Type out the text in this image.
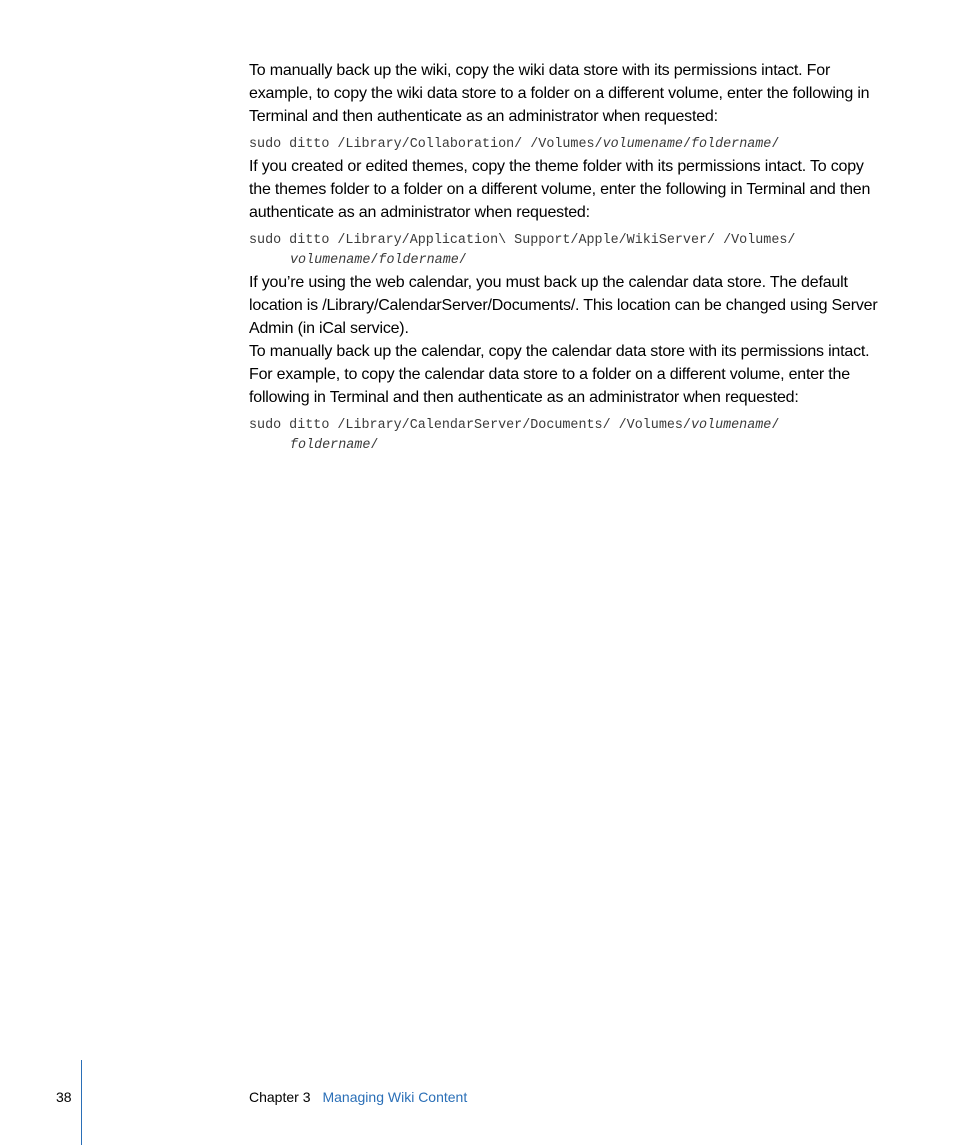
To manually back up the wiki, copy the wiki data store with its permissions intact. For example, to copy the wiki data store to a folder on a different volume, enter the following in Terminal and then authenticate as an administrator when requested:

sudo ditto /Library/Collaboration/ /Volumes/volumename/foldername/

If you created or edited themes, copy the theme folder with its permissions intact. To copy the themes folder to a folder on a different volume, enter the following in Terminal and then authenticate as an administrator when requested:

sudo ditto /Library/Application\ Support/Apple/WikiServer/ /Volumes/
volumename/foldername/

If you’re using the web calendar, you must back up the calendar data store. The default location is /Library/CalendarServer/Documents/. This location can be changed using Server Admin (in iCal service).

To manually back up the calendar, copy the calendar data store with its permissions intact. For example, to copy the calendar data store to a folder on a different volume, enter the following in Terminal and then authenticate as an administrator when requested:

sudo ditto /Library/CalendarServer/Documents/ /Volumes/volumename/
foldername/
38	Chapter 3 Managing Wiki Content
